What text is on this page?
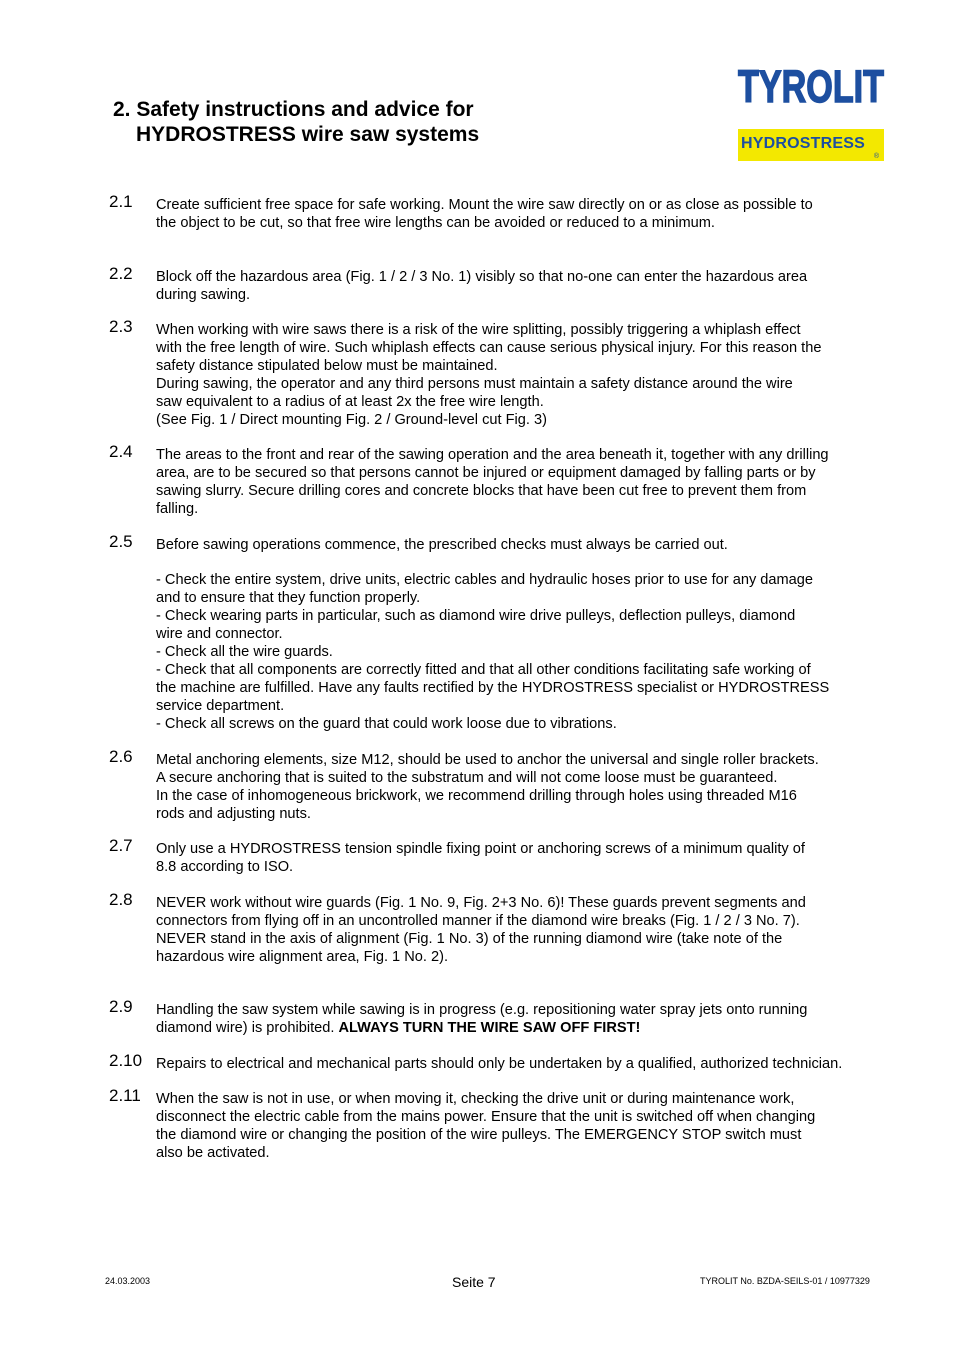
2. Safety instructions and advice for
HYDROSTRESS wire saw systems
TYROLIT
HYDROSTRESS
®
2.1	Create sufficient free space for safe working. Mount the wire saw directly on or as close as possible to
the object to be cut, so that free wire lengths can be avoided or reduced to a minimum.
2.2	Block off the hazardous area (Fig. 1 / 2 / 3 No. 1) visibly so that no-one can enter the hazardous area
during sawing.
2.3	When working with wire saws there is a risk of the wire splitting, possibly triggering a whiplash effect
with the free length of wire. Such whiplash effects can cause serious physical injury. For this reason the
safety distance stipulated below must be maintained.
During sawing, the operator and any third persons must maintain a safety distance around the wire
saw equivalent to a radius of at least 2x the free wire length.
(See Fig. 1 / Direct mounting Fig. 2 / Ground-level cut Fig. 3)
2.4	The areas to the front and rear of the sawing operation and the area beneath it, together with any drilling
area, are to be secured so that persons cannot be injured or equipment damaged by falling parts or by
sawing slurry. Secure drilling cores and concrete blocks that have been cut free to prevent them from
falling.
2.5	Before sawing operations commence, the prescribed checks must always be carried out.
- Check the entire system, drive units, electric cables and hydraulic hoses prior to use for any damage
and to ensure that they function properly.
- Check wearing parts in particular, such as diamond wire drive pulleys, deflection pulleys, diamond
wire and connector.
- Check all the wire guards.
- Check that all components are correctly fitted and that all other conditions facilitating safe working of
the machine are fulfilled. Have any faults rectified by the HYDROSTRESS specialist or HYDROSTRESS
service department.
- Check all screws on the guard that could work loose due to vibrations.
2.6	Metal anchoring elements, size M12, should be used to anchor the universal and single roller brackets.
A secure anchoring that is suited to the substratum and will not come loose must be guaranteed.
In the case of inhomogeneous brickwork, we recommend drilling through holes using threaded M16
rods and adjusting nuts.
2.7	Only use a HYDROSTRESS tension spindle fixing point or anchoring screws of a minimum quality of
8.8 according to ISO.
2.8	NEVER work without wire guards (Fig. 1 No. 9, Fig. 2+3 No. 6)! These guards prevent segments and
connectors from flying off in an uncontrolled manner if the diamond wire breaks (Fig. 1 / 2 / 3 No. 7).
NEVER stand in the axis of alignment (Fig. 1 No. 3) of the running diamond wire (take note of the
hazardous wire alignment area, Fig. 1 No. 2).
2.9	Handling the saw system while sawing is in progress (e.g. repositioning water spray jets onto running
diamond wire) is prohibited. ALWAYS TURN THE WIRE SAW OFF FIRST!
2.10 Repairs to electrical and mechanical parts should only be undertaken by a qualified, authorized technician.
2.11	When the saw is not in use, or when moving it, checking the drive unit or during maintenance work,
disconnect the electric cable from the mains power. Ensure that the unit is switched off when changing
the diamond wire or changing the position of the wire pulleys. The EMERGENCY STOP switch must
also be activated.
24.03.2003	Seite 7	TYROLIT No. BZDA-SEILS-01 / 10977329
